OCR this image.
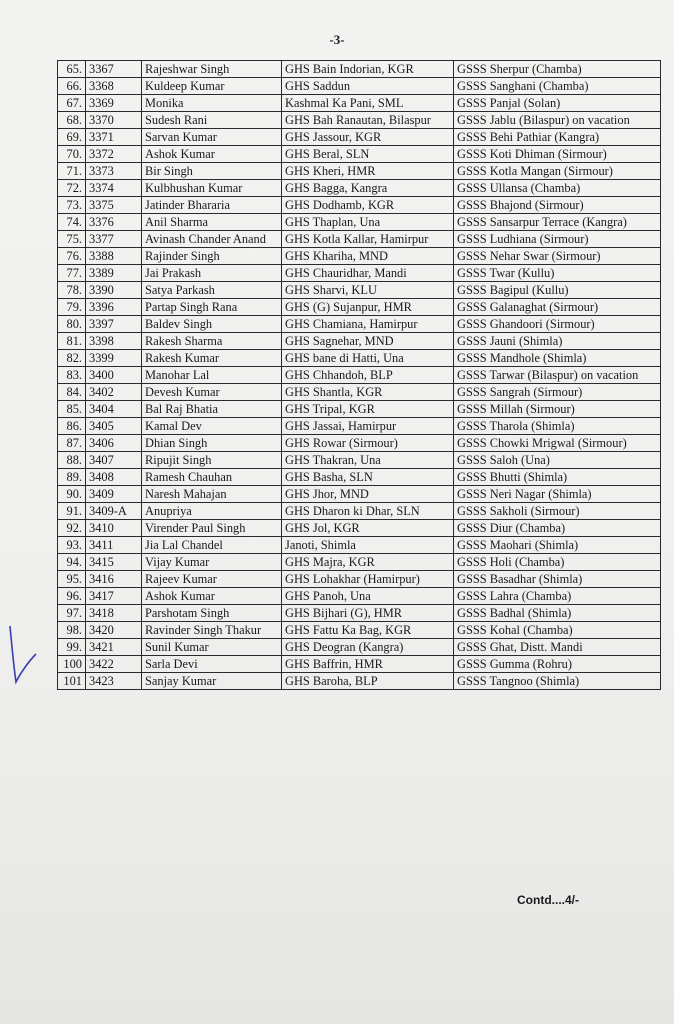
-3-
65.	3367	Rajeshwar Singh	GHS Bain Indorian, KGR	GSSS Sherpur (Chamba)
66.	3368	Kuldeep Kumar	GHS Saddun	GSSS Sanghani (Chamba)
67.	3369	Monika	Kashmal Ka Pani, SML	GSSS Panjal (Solan)
68.	3370	Sudesh Rani	GHS Bah Ranautan, Bilaspur	GSSS Jablu (Bilaspur) on vacation
69.	3371	Sarvan Kumar	GHS Jassour, KGR	GSSS Behi Pathiar (Kangra)
70.	3372	Ashok Kumar	GHS Beral, SLN	GSSS Koti Dhiman (Sirmour)
71.	3373	Bir Singh	GHS Kheri, HMR	GSSS Kotla Mangan (Sirmour)
72.	3374	Kulbhushan Kumar	GHS Bagga, Kangra	GSSS Ullansa (Chamba)
73.	3375	Jatinder Bhararia	GHS Dodhamb, KGR	GSSS Bhajond (Sirmour)
74.	3376	Anil Sharma	GHS Thaplan, Una	GSSS Sansarpur Terrace (Kangra)
75.	3377	Avinash Chander Anand	GHS Kotla Kallar, Hamirpur	GSSS Ludhiana (Sirmour)
76.	3388	Rajinder Singh	GHS Khariha, MND	GSSS Nehar Swar (Sirmour)
77.	3389	Jai Prakash	GHS Chauridhar, Mandi	GSSS Twar (Kullu)
78.	3390	Satya Parkash	GHS Sharvi, KLU	GSSS Bagipul (Kullu)
79.	3396	Partap Singh Rana	GHS (G) Sujanpur, HMR	GSSS Galanaghat (Sirmour)
80.	3397	Baldev Singh	GHS Chamiana, Hamirpur	GSSS Ghandoori (Sirmour)
81.	3398	Rakesh Sharma	GHS Sagnehar, MND	GSSS Jauni (Shimla)
82.	3399	Rakesh Kumar	GHS bane di Hatti, Una	GSSS Mandhole (Shimla)
83.	3400	Manohar Lal	GHS Chhandoh, BLP	GSSS Tarwar (Bilaspur) on vacation
84.	3402	Devesh Kumar	GHS Shantla, KGR	GSSS Sangrah (Sirmour)
85.	3404	Bal Raj Bhatia	GHS Tripal, KGR	GSSS Millah (Sirmour)
86.	3405	Kamal Dev	GHS Jassai, Hamirpur	GSSS Tharola (Shimla)
87.	3406	Dhian Singh	GHS Rowar (Sirmour)	GSSS Chowki Mrigwal (Sirmour)
88.	3407	Ripujit Singh	GHS Thakran, Una	GSSS Saloh (Una)
89.	3408	Ramesh Chauhan	GHS Basha, SLN	GSSS Bhutti (Shimla)
90.	3409	Naresh Mahajan	GHS Jhor, MND	GSSS Neri Nagar (Shimla)
91.	3409-A	Anupriya	GHS Dharon ki Dhar, SLN	GSSS Sakholi (Sirmour)
92.	3410	Virender Paul Singh	GHS Jol, KGR	GSSS Diur (Chamba)
93.	3411	Jia Lal Chandel	Janoti, Shimla	GSSS Maohari (Shimla)
94.	3415	Vijay Kumar	GHS Majra, KGR	GSSS Holi (Chamba)
95.	3416	Rajeev Kumar	GHS Lohakhar (Hamirpur)	GSSS Basadhar (Shimla)
96.	3417	Ashok Kumar	GHS Panoh, Una	GSSS Lahra (Chamba)
97.	3418	Parshotam Singh	GHS Bijhari (G), HMR	GSSS Badhal (Shimla)
98.	3420	Ravinder Singh Thakur	GHS Fattu Ka Bag, KGR	GSSS Kohal (Chamba)
99.	3421	Sunil Kumar	GHS Deogran (Kangra)	GSSS Ghat, Distt. Mandi
100	3422	Sarla Devi	GHS Baffrin, HMR	GSSS Gumma (Rohru)
101	3423	Sanjay Kumar	GHS Baroha, BLP	GSSS Tangnoo (Shimla)
Contd....4/-
